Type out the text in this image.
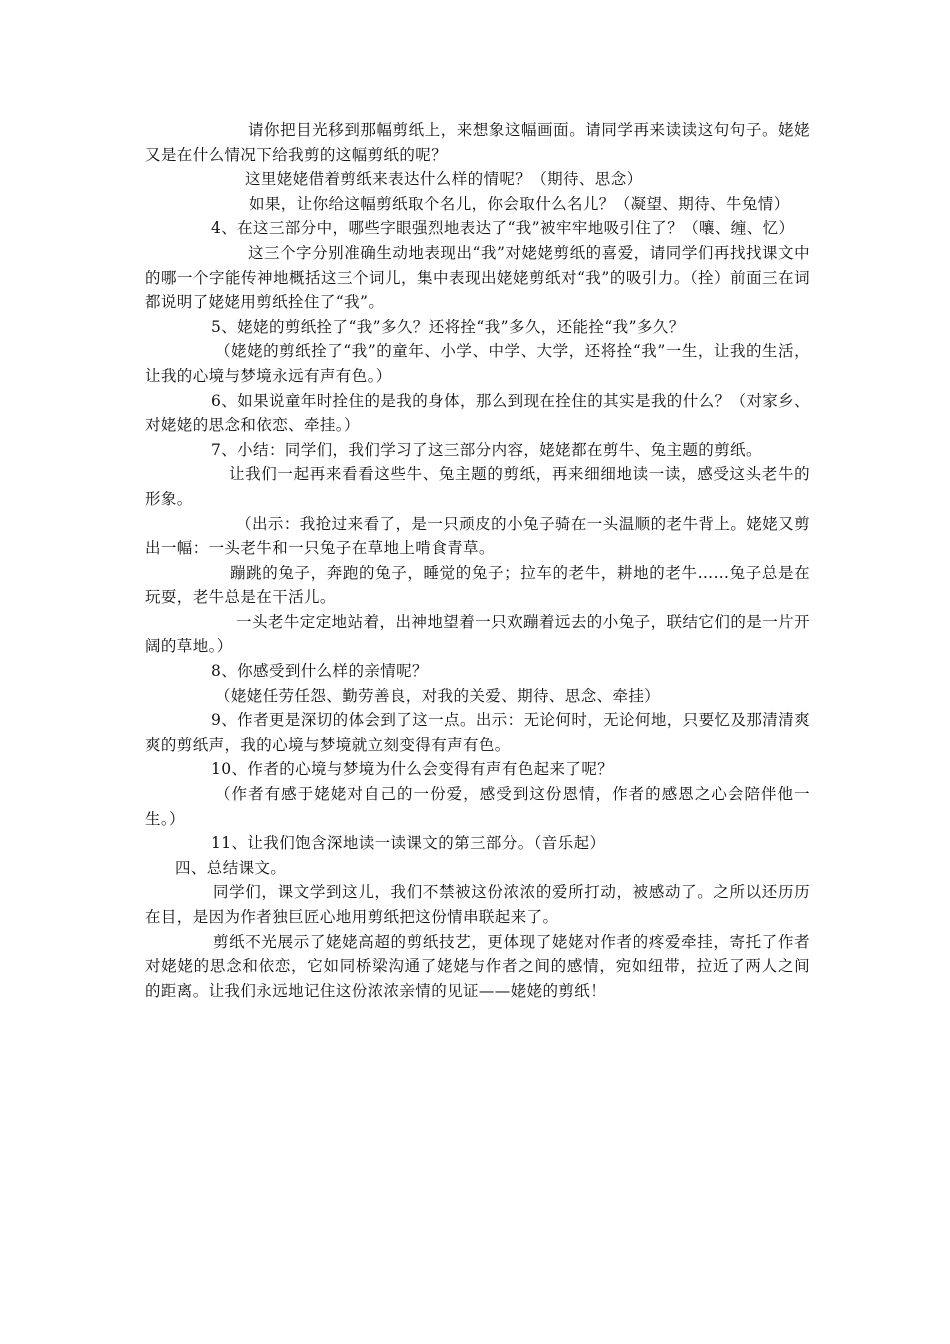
请你把目光移到那幅剪纸上，来想象这幅画面。请同学再来读读这句句子。姥姥又是在什么情况下给我剪的这幅剪纸的呢？

这里姥姥借着剪纸来表达什么样的情呢？（期待、思念）

如果，让你给这幅剪纸取个名儿，你会取什么名儿？（凝望、期待、牛兔情）

4、在这三部分中，哪些字眼强烈地表达了“我”被牢牢地吸引住了？（嚷、缠、忆）

这三个字分别准确生动地表现出“我”对姥姥剪纸的喜爱，请同学们再找找课文中的哪一个字能传神地概括这三个词儿，集中表现出姥姥剪纸对“我”的吸引力。（拴）前面三在词都说明了姥姥用剪纸拴住了“我”。

5、姥姥的剪纸拴了“我”多久？还将拴“我”多久，还能拴“我”多久？

（姥姥的剪纸拴了“我”的童年、小学、中学、大学，还将拴“我”一生，让我的生活，让我的心境与梦境永远有声有色。）

6、如果说童年时拴住的是我的身体，那么到现在拴住的其实是我的什么？（对家乡、对姥姥的思念和依恋、牵挂。）

7、小结：同学们，我们学习了这三部分内容，姥姥都在剪牛、兔主题的剪纸。

让我们一起再来看看这些牛、兔主题的剪纸，再来细细地读一读，感受这头老牛的形象。

（出示：我抢过来看了，是一只顽皮的小兔子骑在一头温顺的老牛背上。姥姥又剪出一幅：一头老牛和一只兔子在草地上啃食青草。

蹦跳的兔子，奔跑的兔子，睡觉的兔子；拉车的老牛，耕地的老牛……兔子总是在玩耍，老牛总是在干活儿。

一头老牛定定地站着，出神地望着一只欢蹦着远去的小兔子，联结它们的是一片开阔的草地。）

8、你感受到什么样的亲情呢？

（姥姥任劳任怨、勤劳善良，对我的关爱、期待、思念、牵挂）

9、作者更是深切的体会到了这一点。出示：无论何时，无论何地，只要忆及那清清爽爽的剪纸声，我的心境与梦境就立刻变得有声有色。

10、作者的心境与梦境为什么会变得有声有色起来了呢？

（作者有感于姥姥对自己的一份爱，感受到这份恩情，作者的感恩之心会陪伴他一生。）

11、让我们饱含深地读一读课文的第三部分。（音乐起）

四、总结课文。

同学们，课文学到这儿，我们不禁被这份浓浓的爱所打动，被感动了。之所以还历历在目，是因为作者独巨匠心地用剪纸把这份情串联起来了。

剪纸不光展示了姥姥高超的剪纸技艺，更体现了姥姥对作者的疼爱牵挂，寄托了作者对姥姥的思念和依恋，它如同桥梁沟通了姥姥与作者之间的感情，宛如纽带，拉近了两人之间的距离。让我们永远地记住这份浓浓亲情的见证——姥姥的剪纸！
